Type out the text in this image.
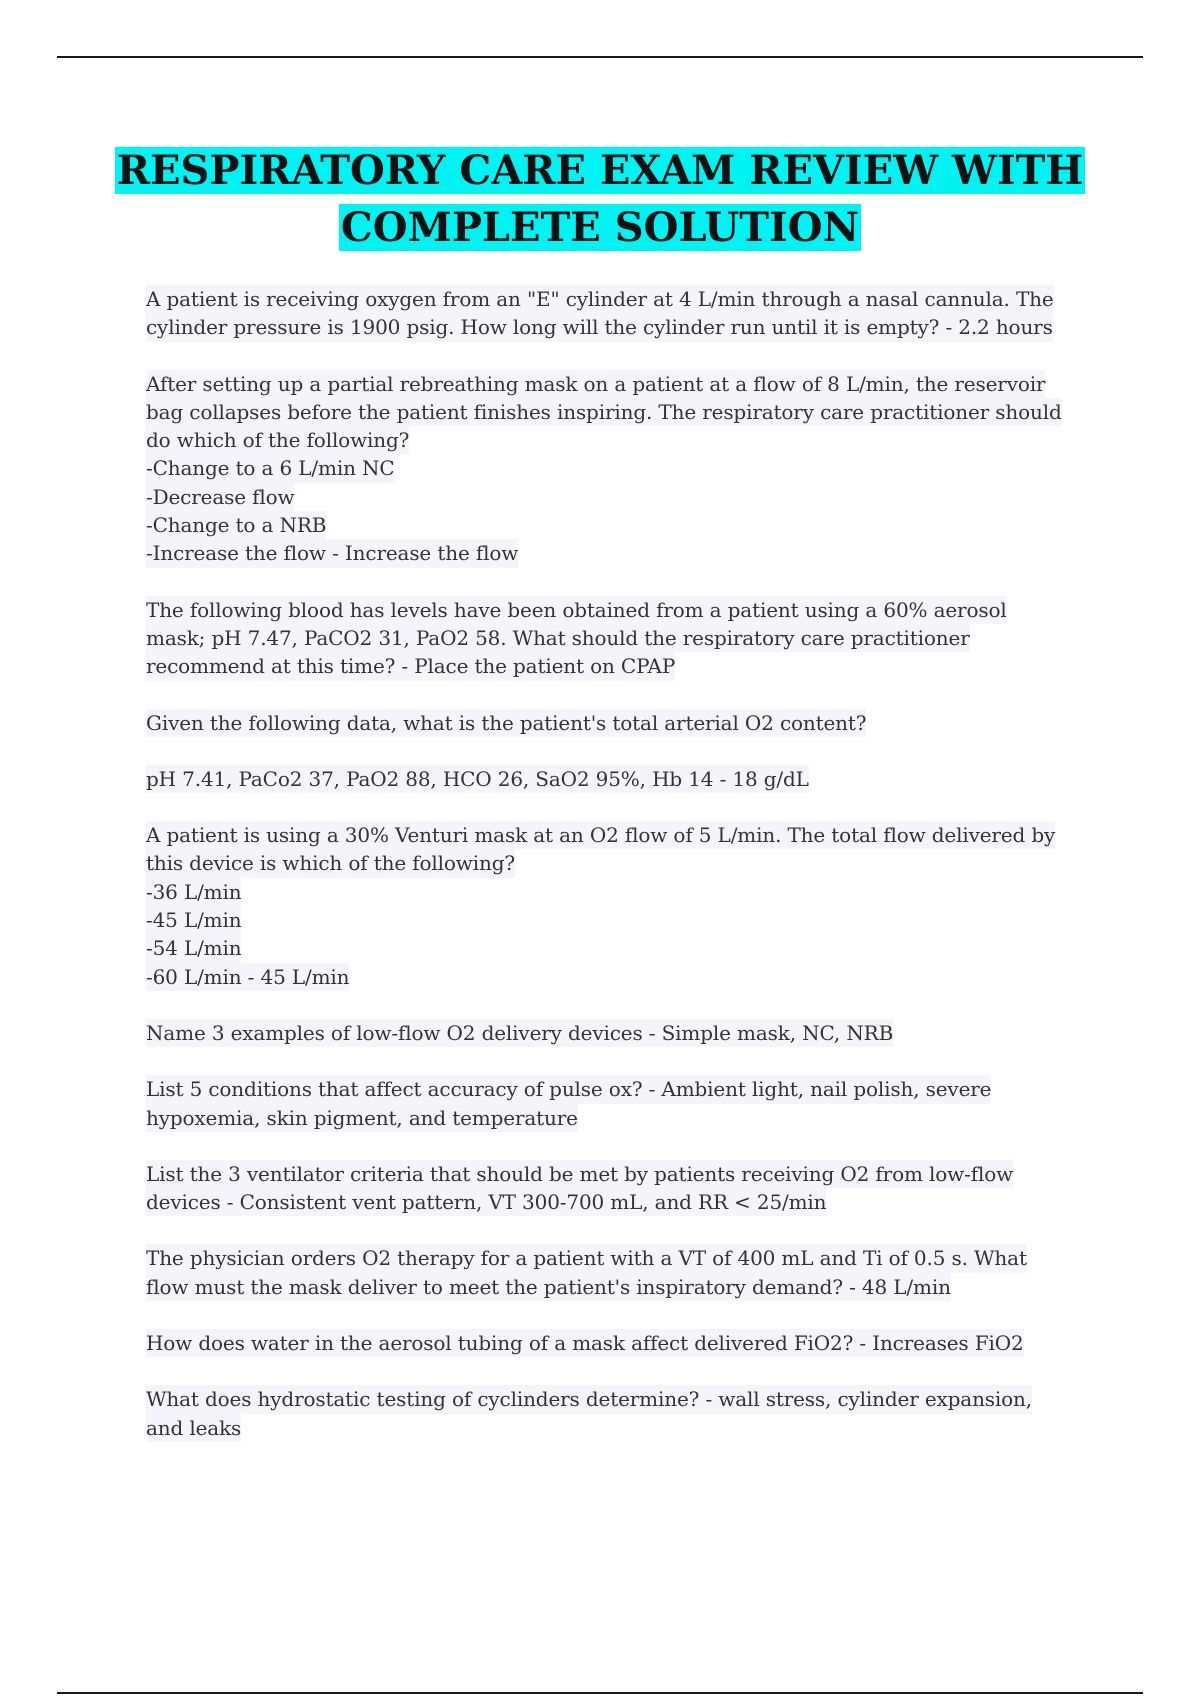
RESPIRATORY CARE EXAM REVIEW WITH
COMPLETE SOLUTION
A patient is receiving oxygen from an "E" cylinder at 4 L/min through a nasal cannula. The
cylinder pressure is 1900 psig. How long will the cylinder run until it is empty? - 2.2 hours
After setting up a partial rebreathing mask on a patient at a flow of 8 L/min, the reservoir
bag collapses before the patient finishes inspiring. The respiratory care practitioner should
do which of the following?
-Change to a 6 L/min NC
-Decrease flow
-Change to a NRB
-Increase the flow - Increase the flow
The following blood has levels have been obtained from a patient using a 60% aerosol
mask; pH 7.47, PaCO2 31, PaO2 58. What should the respiratory care practitioner
recommend at this time? - Place the patient on CPAP
Given the following data, what is the patient's total arterial O2 content?
pH 7.41, PaCo2 37, PaO2 88, HCO 26, SaO2 95%, Hb 14 - 18 g/dL
A patient is using a 30% Venturi mask at an O2 flow of 5 L/min. The total flow delivered by
this device is which of the following?
-36 L/min
-45 L/min
-54 L/min
-60 L/min - 45 L/min
Name 3 examples of low-flow O2 delivery devices - Simple mask, NC, NRB
List 5 conditions that affect accuracy of pulse ox? - Ambient light, nail polish, severe
hypoxemia, skin pigment, and temperature
List the 3 ventilator criteria that should be met by patients receiving O2 from low-flow
devices - Consistent vent pattern, VT 300-700 mL, and RR < 25/min
The physician orders O2 therapy for a patient with a VT of 400 mL and Ti of 0.5 s. What
flow must the mask deliver to meet the patient's inspiratory demand? - 48 L/min
How does water in the aerosol tubing of a mask affect delivered FiO2? - Increases FiO2
What does hydrostatic testing of cyclinders determine? - wall stress, cylinder expansion,
and leaks
